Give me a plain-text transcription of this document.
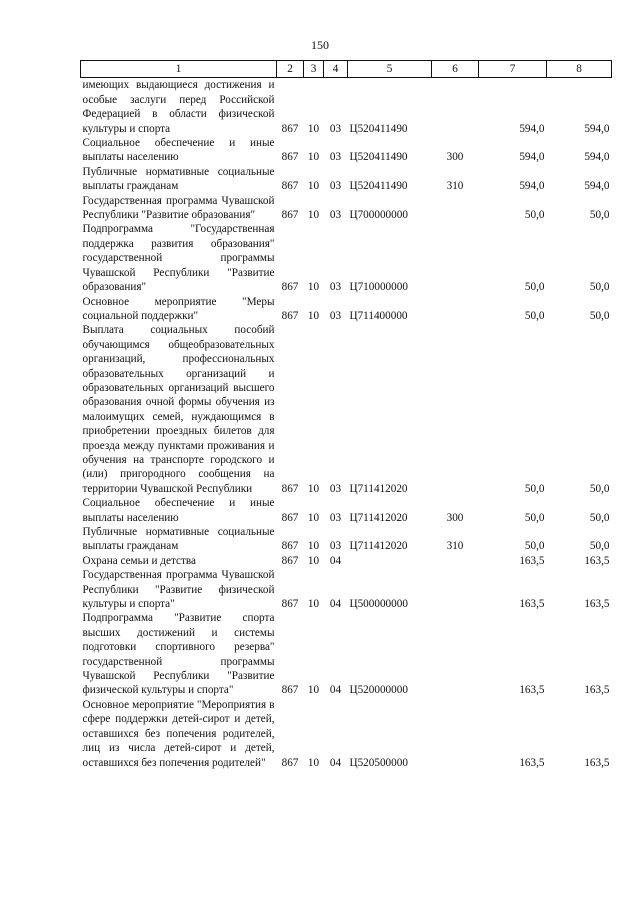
150
1	2	3	4	5	6	7	8
имеющих выдающиеся достижения и особые заслуги перед Российской Федерацией в области физической культуры и спорта	867	10	03	Ц520411490		594,0	594,0
Социальное обеспечение и иные выплаты населению	867	10	03	Ц520411490	300	594,0	594,0
Публичные нормативные социальные выплаты гражданам	867	10	03	Ц520411490	310	594,0	594,0
Государственная программа Чувашской Республики "Развитие образования"	867	10	03	Ц700000000		50,0	50,0
Подпрограмма "Государственная поддержка развития образования" государственной программы Чувашской Республики "Развитие образования"	867	10	03	Ц710000000		50,0	50,0
Основное мероприятие "Меры социальной поддержки"	867	10	03	Ц711400000		50,0	50,0
Выплата социальных пособий обучающимся общеобразовательных организаций, профессиональных образовательных организаций и образовательных организаций высшего образования очной формы обучения из малоимущих семей, нуждающимся в приобретении проездных билетов для проезда между пунктами проживания и обучения на транспорте городского и (или) пригородного сообщения на территории Чувашской Республики	867	10	03	Ц711412020		50,0	50,0
Социальное обеспечение и иные выплаты населению	867	10	03	Ц711412020	300	50,0	50,0
Публичные нормативные социальные выплаты гражданам	867	10	03	Ц711412020	310	50,0	50,0
Охрана семьи и детства	867	10	04			163,5	163,5
Государственная программа Чувашской Республики "Развитие физической культуры и спорта"	867	10	04	Ц500000000		163,5	163,5
Подпрограмма "Развитие спорта высших достижений и системы подготовки спортивного резерва" государственной программы Чувашской Республики "Развитие физической культуры и спорта"	867	10	04	Ц520000000		163,5	163,5
Основное мероприятие "Мероприятия в сфере поддержки детей-сирот и детей, оставшихся без попечения родителей, лиц из числа детей-сирот и детей, оставшихся без попечения родителей"	867	10	04	Ц520500000		163,5	163,5
